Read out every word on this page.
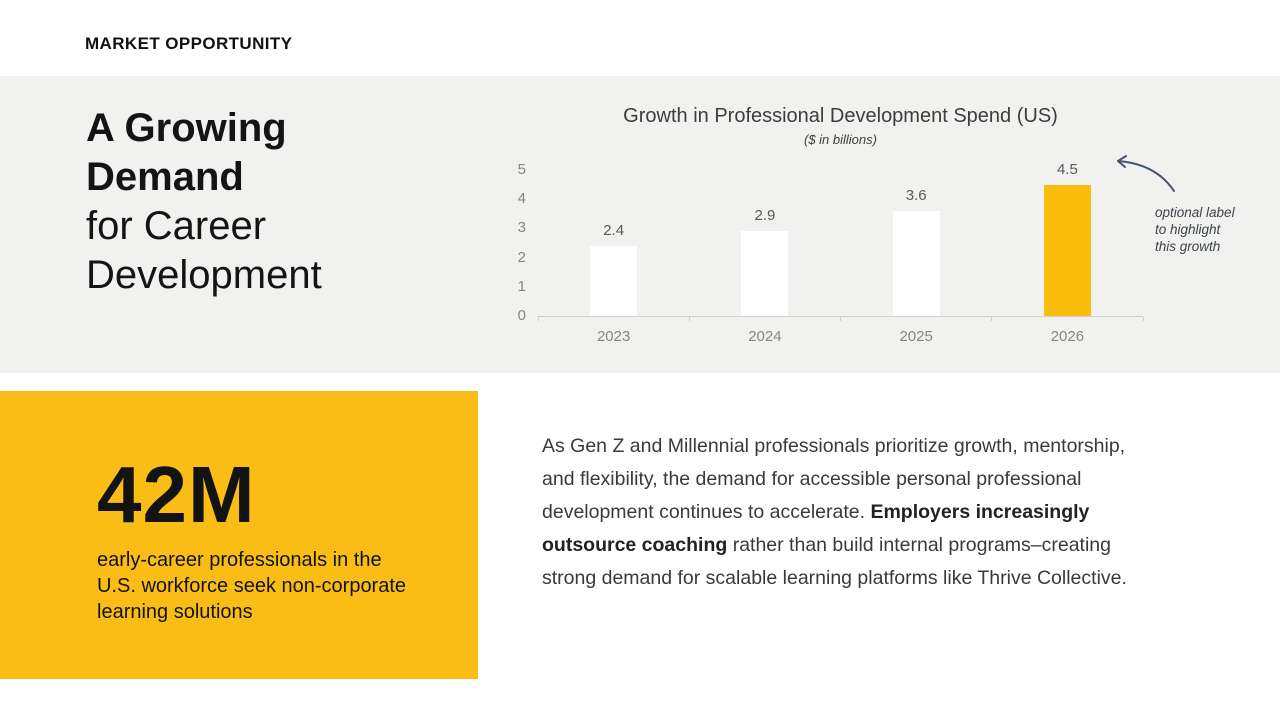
MARKET OPPORTUNITY
A Growing
Demand
for Career
Development
Growth in Professional Development Spend (US)
($ in billions)
0
1
2
3
4
5
2.4
2023
2.9
2024
3.6
2025
4.5
2026
optional label
to highlight
this growth
42M
early-career professionals in the U.S. workforce seek non-corporate learning solutions

As Gen Z and Millennial professionals prioritize growth, mentorship, and flexibility, the demand for accessible personal professional development continues to accelerate. Employers increasingly outsource coaching rather than build internal programs–creating strong demand for scalable learning platforms like Thrive Collective.
